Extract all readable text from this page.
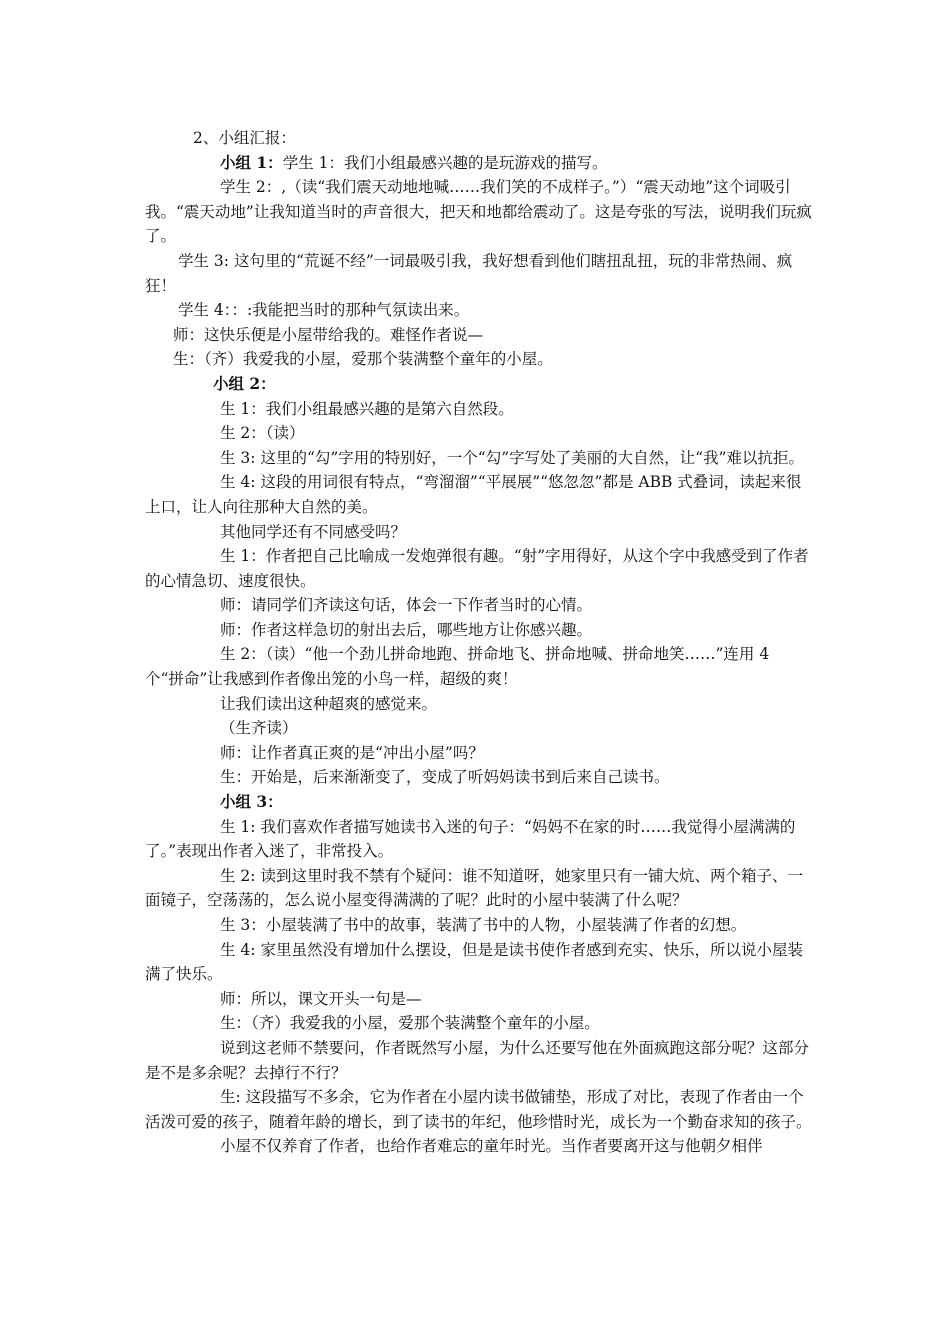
2、小组汇报：

小组 1：学生 1：我们小组最感兴趣的是玩游戏的描写。

学生 2：,（读“我们震天动地地喊……我们笑的不成样子。”）“震天动地”这个词吸引我。“震天动地”让我知道当时的声音很大，把天和地都给震动了。这是夸张的写法，说明我们玩疯了。

学生 3: 这句里的“荒诞不经”一词最吸引我，我好想看到他们瞎扭乱扭，玩的非常热闹、疯狂！

学生 4：：:我能把当时的那种气氛读出来。

师：这快乐便是小屋带给我的。难怪作者说—

生：（齐）我爱我的小屋，爱那个装满整个童年的小屋。

小组 2：

生 1：我们小组最感兴趣的是第六自然段。

生 2：（读）

生 3: 这里的“勾”字用的特别好，一个“勾”字写处了美丽的大自然，让“我”难以抗拒。

生 4: 这段的用词很有特点，“弯溜溜”“平展展”“悠忽忽”都是 ABB 式叠词，读起来很上口，让人向往那种大自然的美。

其他同学还有不同感受吗？

生 1：作者把自己比喻成一发炮弹很有趣。“射”字用得好，从这个字中我感受到了作者的心情急切、速度很快。

师：请同学们齐读这句话，体会一下作者当时的心情。

师：作者这样急切的射出去后，哪些地方让你感兴趣。

生 2：（读）“他一个劲儿拼命地跑、拼命地飞、拼命地喊、拼命地笑……”连用 4 个“拼命”让我感到作者像出笼的小鸟一样，超级的爽！

让我们读出这种超爽的感觉来。

（生齐读）

师：让作者真正爽的是“冲出小屋”吗？

生：开始是，后来渐渐变了，变成了听妈妈读书到后来自己读书。

小组 3：

生 1: 我们喜欢作者描写她读书入迷的句子：“妈妈不在家的时……我觉得小屋满满的了。”表现出作者入迷了，非常投入。

生 2: 读到这里时我不禁有个疑问：谁不知道呀，她家里只有一铺大炕、两个箱子、一面镜子，空荡荡的，怎么说小屋变得满满的了呢？此时的小屋中装满了什么呢？

生 3：小屋装满了书中的故事，装满了书中的人物，小屋装满了作者的幻想。

生 4: 家里虽然没有增加什么摆设，但是是读书使作者感到充实、快乐，所以说小屋装满了快乐。

师：所以，课文开头一句是—

生：（齐）我爱我的小屋，爱那个装满整个童年的小屋。

说到这老师不禁要问，作者既然写小屋，为什么还要写他在外面疯跑这部分呢？这部分是不是多余呢？去掉行不行？

生: 这段描写不多余，它为作者在小屋内读书做铺垫，形成了对比，表现了作者由一个活泼可爱的孩子，随着年龄的增长，到了读书的年纪，他珍惜时光，成长为一个勤奋求知的孩子。

小屋不仅养育了作者，也给作者难忘的童年时光。当作者要离开这与他朝夕相伴
